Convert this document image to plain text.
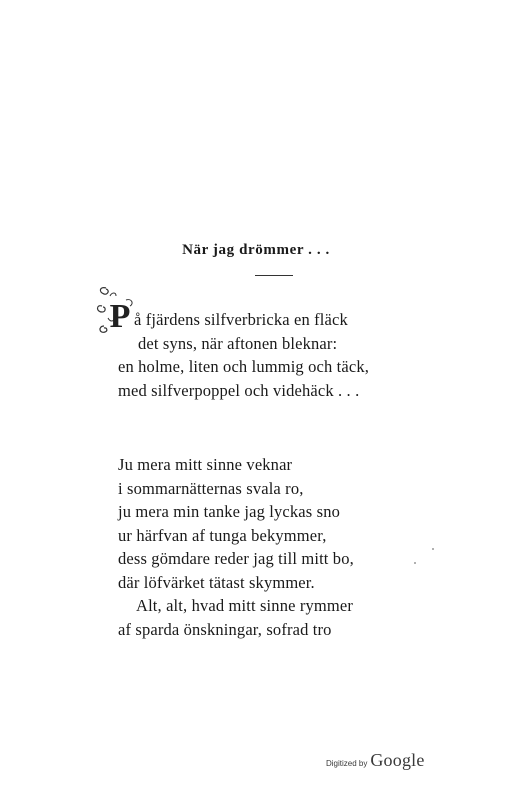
När jag drömmer . . .
P å fjärdens silfverbricka en fläck
det syns, när aftonen bleknar:
en holme, liten och lummig och täck,
med silfverpoppel och videhäck . . .
Ju mera mitt sinne veknar
i sommarnätternas svala ro,
ju mera min tanke jag lyckas sno
ur härfvan af tunga bekymmer,
dess gömdare reder jag till mitt bo,
där löfvärket tätast skymmer.
Alt, alt, hvad mitt sinne rymmer
af sparda önskningar, sofrad tro
Digitized by Google
